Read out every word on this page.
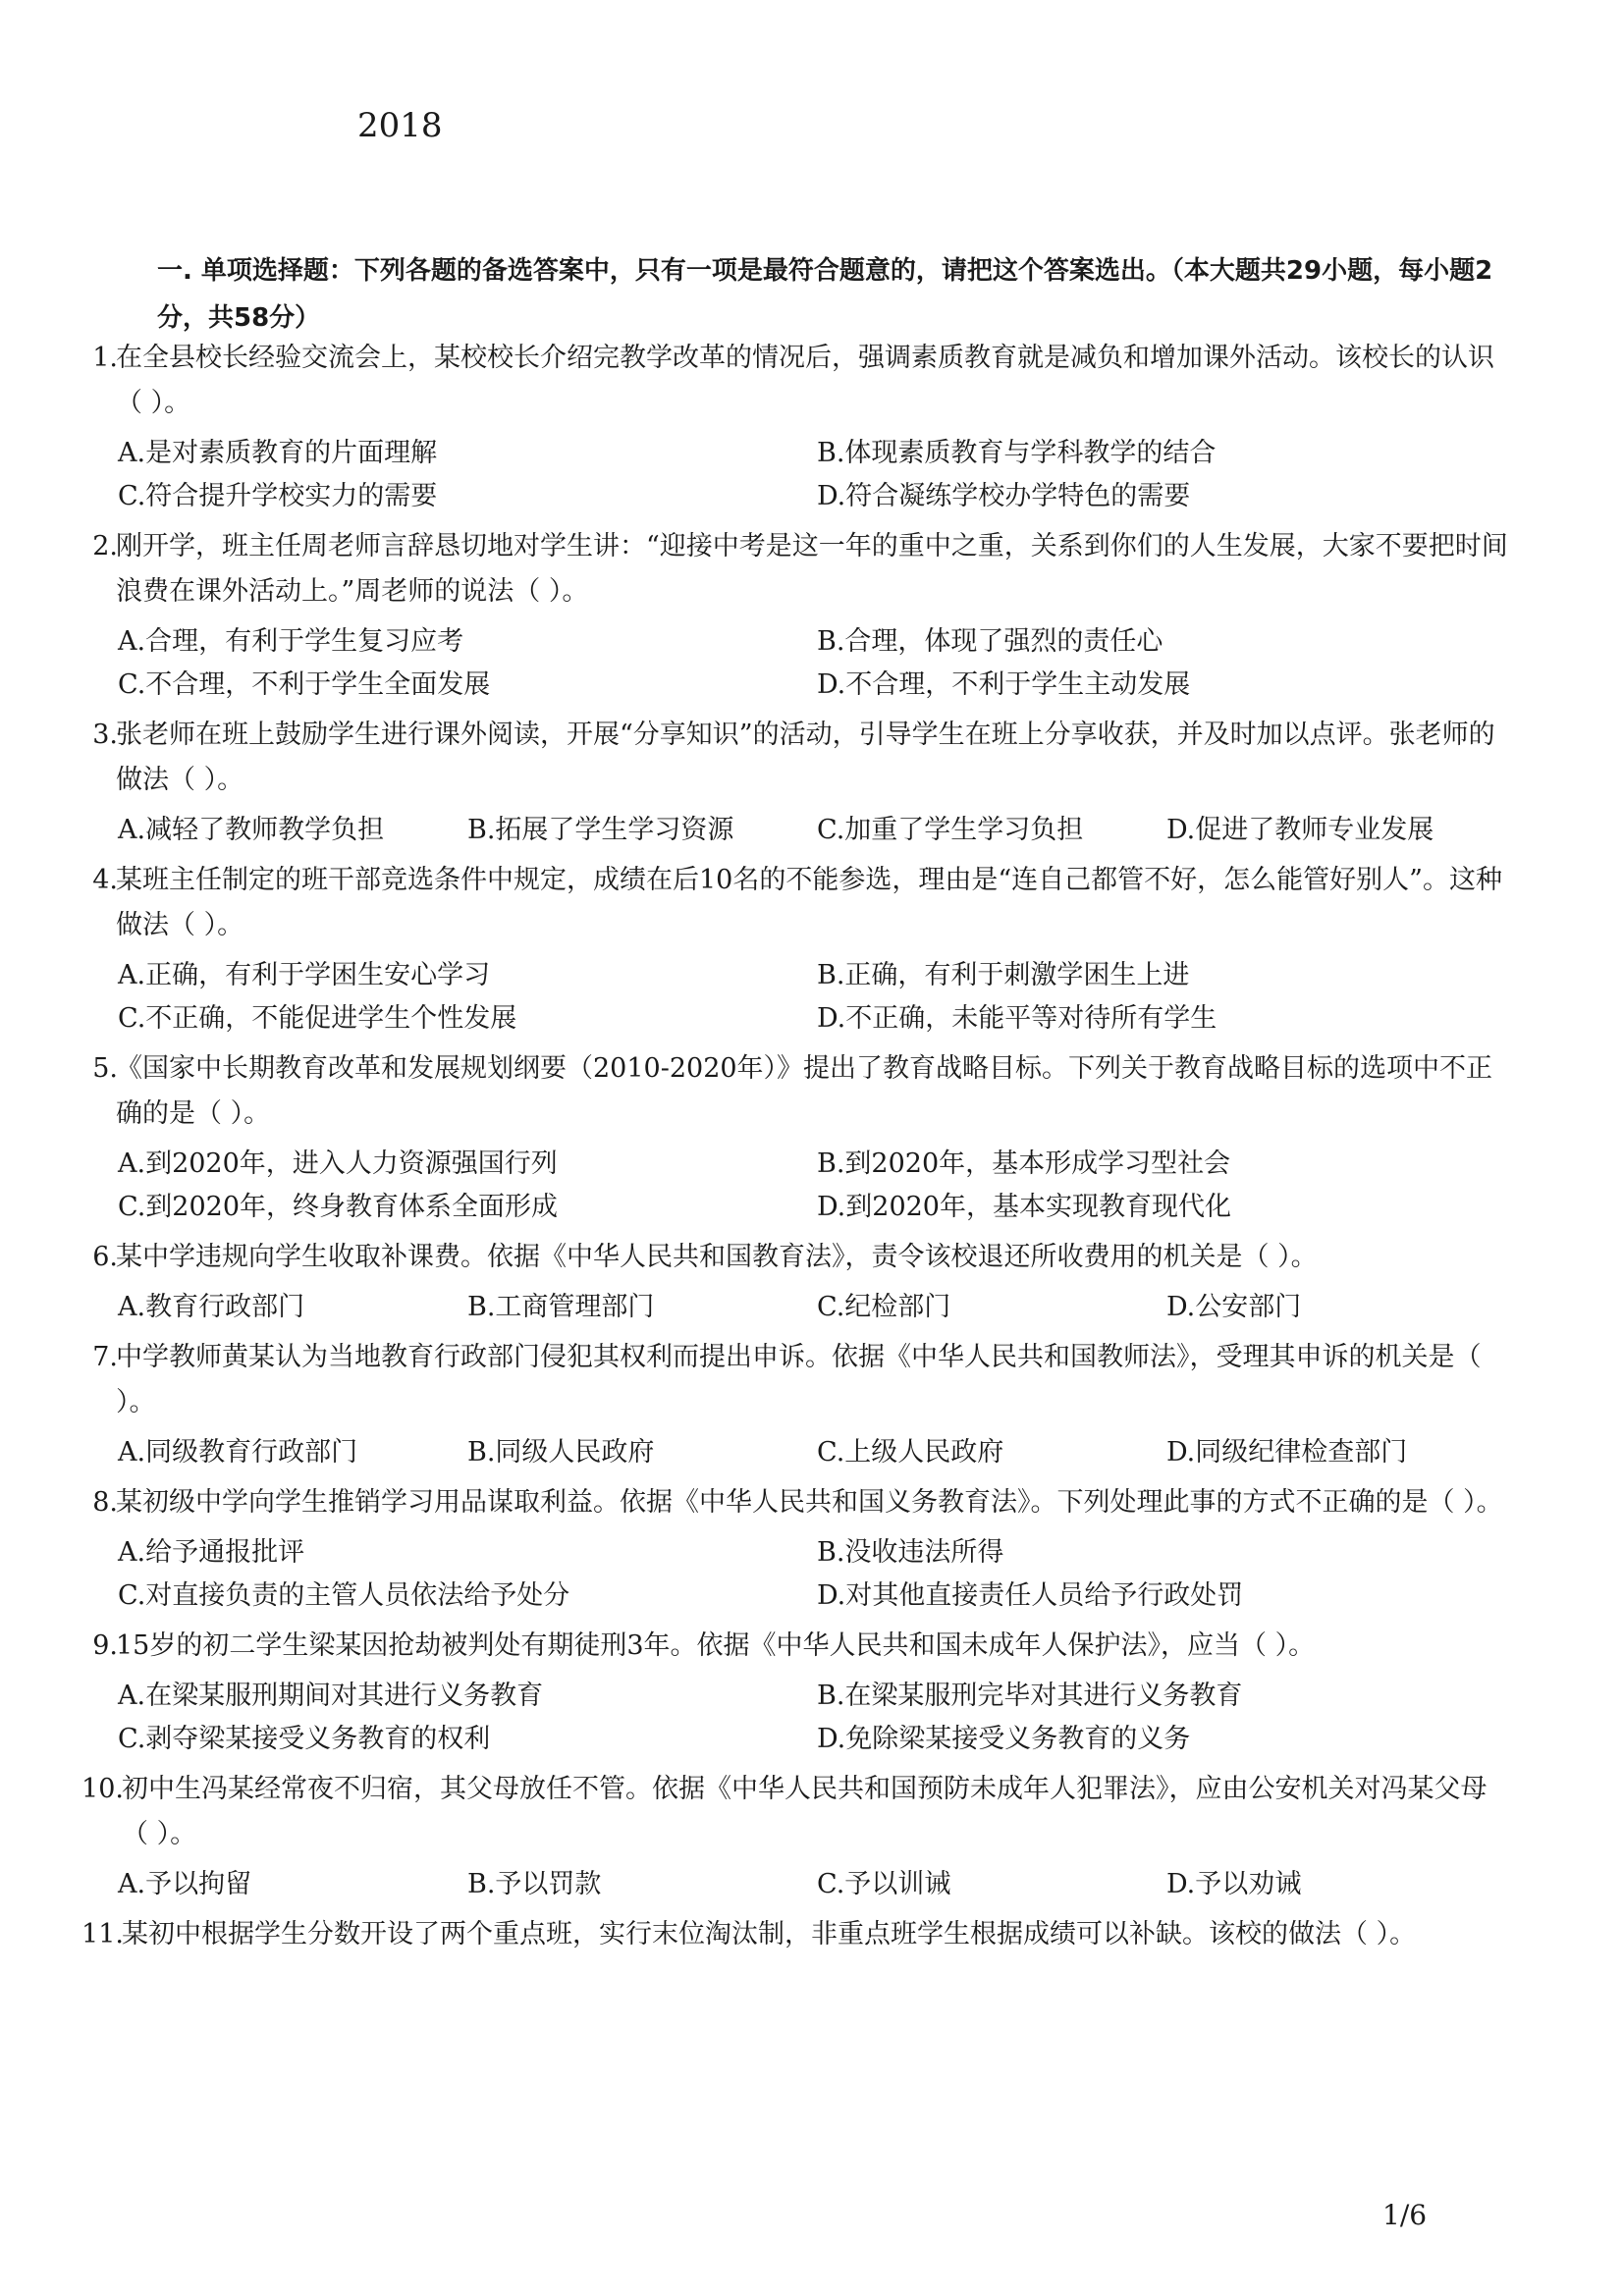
2018
一. 单项选择题：下列各题的备选答案中，只有一项是最符合题意的，请把这个答案选出。（本大题共29小题，每小题2分，共58分）
1.
在全县校长经验交流会上，某校校长介绍完教学改革的情况后，强调素质教育就是减负和增加课外活动。该校长的认识（ ）。
A.是对素质教育的片面理解	B.体现素质教育与学科教学的结合
C.符合提升学校实力的需要	D.符合凝练学校办学特色的需要
2.
刚开学，班主任周老师言辞恳切地对学生讲：“迎接中考是这一年的重中之重，关系到你们的人生发展，大家不要把时间浪费在课外活动上。”周老师的说法（ ）。
A.合理，有利于学生复习应考	B.合理，体现了强烈的责任心
C.不合理，不利于学生全面发展	D.不合理，不利于学生主动发展
3.
张老师在班上鼓励学生进行课外阅读，开展“分享知识”的活动，引导学生在班上分享收获，并及时加以点评。张老师的做法（ ）。
A.减轻了教师教学负担	B.拓展了学生学习资源	C.加重了学生学习负担	D.促进了教师专业发展
4.
某班主任制定的班干部竞选条件中规定，成绩在后10名的不能参选，理由是“连自己都管不好，怎么能管好别人”。这种做法（ ）。
A.正确，有利于学困生安心学习	B.正确，有利于刺激学困生上进
C.不正确，不能促进学生个性发展	D.不正确，未能平等对待所有学生
5.
《国家中长期教育改革和发展规划纲要（2010-2020年）》提出了教育战略目标。下列关于教育战略目标的选项中不正确的是（ ）。
A.到2020年，进入人力资源强国行列	B.到2020年，基本形成学习型社会
C.到2020年，终身教育体系全面形成	D.到2020年，基本实现教育现代化
6.
某中学违规向学生收取补课费。依据《中华人民共和国教育法》，责令该校退还所收费用的机关是（ ）。
A.教育行政部门	B.工商管理部门	C.纪检部门	D.公安部门
7.
中学教师黄某认为当地教育行政部门侵犯其权利而提出申诉。依据《中华人民共和国教师法》，受理其申诉的机关是（ ）。
A.同级教育行政部门	B.同级人民政府	C.上级人民政府	D.同级纪律检查部门
8.
某初级中学向学生推销学习用品谋取利益。依据《中华人民共和国义务教育法》。下列处理此事的方式不正确的是（ ）。
A.给予通报批评	B.没收违法所得
C.对直接负责的主管人员依法给予处分	D.对其他直接责任人员给予行政处罚
9.
15岁的初二学生梁某因抢劫被判处有期徒刑3年。依据《中华人民共和国未成年人保护法》，应当（ ）。
A.在梁某服刑期间对其进行义务教育	B.在梁某服刑完毕对其进行义务教育
C.剥夺梁某接受义务教育的权利	D.免除梁某接受义务教育的义务
10.
初中生冯某经常夜不归宿，其父母放任不管。依据《中华人民共和国预防未成年人犯罪法》，应由公安机关对冯某父母（ ）。
A.予以拘留	B.予以罚款	C.予以训诫	D.予以劝诫
11.
某初中根据学生分数开设了两个重点班，实行末位淘汰制，非重点班学生根据成绩可以补缺。该校的做法（ ）。
1/6
